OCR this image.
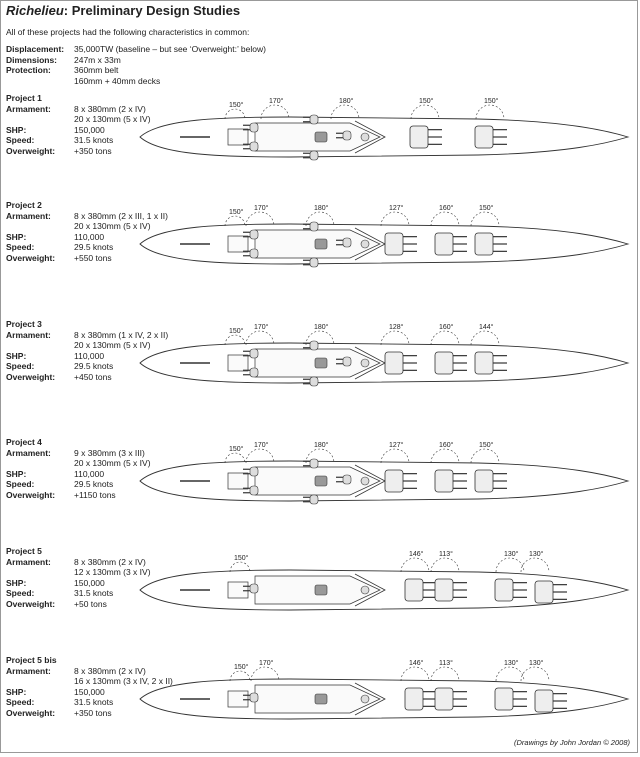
Richelieu: Preliminary Design Studies
All of these projects had the following characteristics in common:
Displacement:	35,000TW (baseline – but see ‘Overweight:’ below)
Dimensions:	247m x 33m
Protection:	360mm belt
160mm + 40mm decks
Project 1
Armament:	8 x 380mm (2 x IV)
20 x 130mm (5 x IV)
SHP:	150,000
Speed:	31.5 knots
Overweight:	+350 tons
150°
170°	180°	150°	150°
Project 2
Armament:	8 x 380mm (2 x III, 1 x II)
20 x 130mm (5 x IV)
SHP:	110,000
Speed:	29.5 knots
Overweight:	+550 tons
150°
170°	180°	127°	160°	150°
Project 3
Armament:	8 x 380mm (1 x IV, 2 x II)
20 x 130mm (5 x IV)
SHP:	110,000
Speed:	29.5 knots
Overweight:	+450 tons
150°
170°	180°	128°	160°	144°
Project 4
Armament:	9 x 380mm (3 x III)
20 x 130mm (5 x IV)
SHP:	110,000
Speed:	29.5 knots
Overweight:	+1150 tons
150°
170°	180°	127°	160°	150°
Project 5
Armament:	8 x 380mm (2 x IV)
12 x 130mm (3 x IV)
SHP:	150,000
Speed:	31.5 knots
Overweight:	+50 tons
150°
146° 113°	130° 130°
Project 5 bis
Armament:	8 x 380mm (2 x IV)
16 x 130mm (3 x IV, 2 x II)
SHP:	150,000
Speed:	31.5 knots
Overweight:	+350 tons
150°
170°	146° 113°	130° 130°
(Drawings by John Jordan © 2008)
